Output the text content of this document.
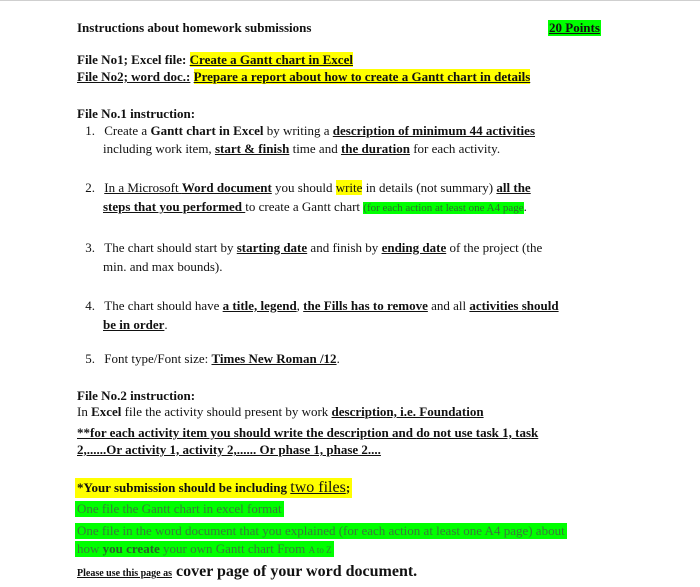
Instructions about homework submissions	20 Points
File No1; Excel file: Create a Gantt chart in Excel
File No2; word doc.: Prepare a report about how to create a Gantt chart in details
File No.1 instruction:
1. Create a Gantt chart in Excel by writing a description of minimum 44 activities
including work item, start & finish time and the duration for each activity.
2. In a Microsoft Word document you should write in details (not summary) all the
steps that you performed to create a Gantt chart (for each action at least one A4 page.
3. The chart should start by starting date and finish by ending date of the project (the
min. and max bounds).
4. The chart should have a title, legend, the Fills has to remove and all activities should
be in order.
5. Font type/Font size: Times New Roman /12.
File No.2 instruction:
In Excel file the activity should present by work description, i.e. Foundation
**for each activity item you should write the description and do not use task 1, task
2,......Or activity 1, activity 2,...... Or phase 1, phase 2....
*Your submission should be including two files;
One file the Gantt chart in excel format
One file in the word document that you explained (for each action at least one A4 page) about
how you create your own Gantt chart From A to Z
Please use this page as cover page of your word document.
